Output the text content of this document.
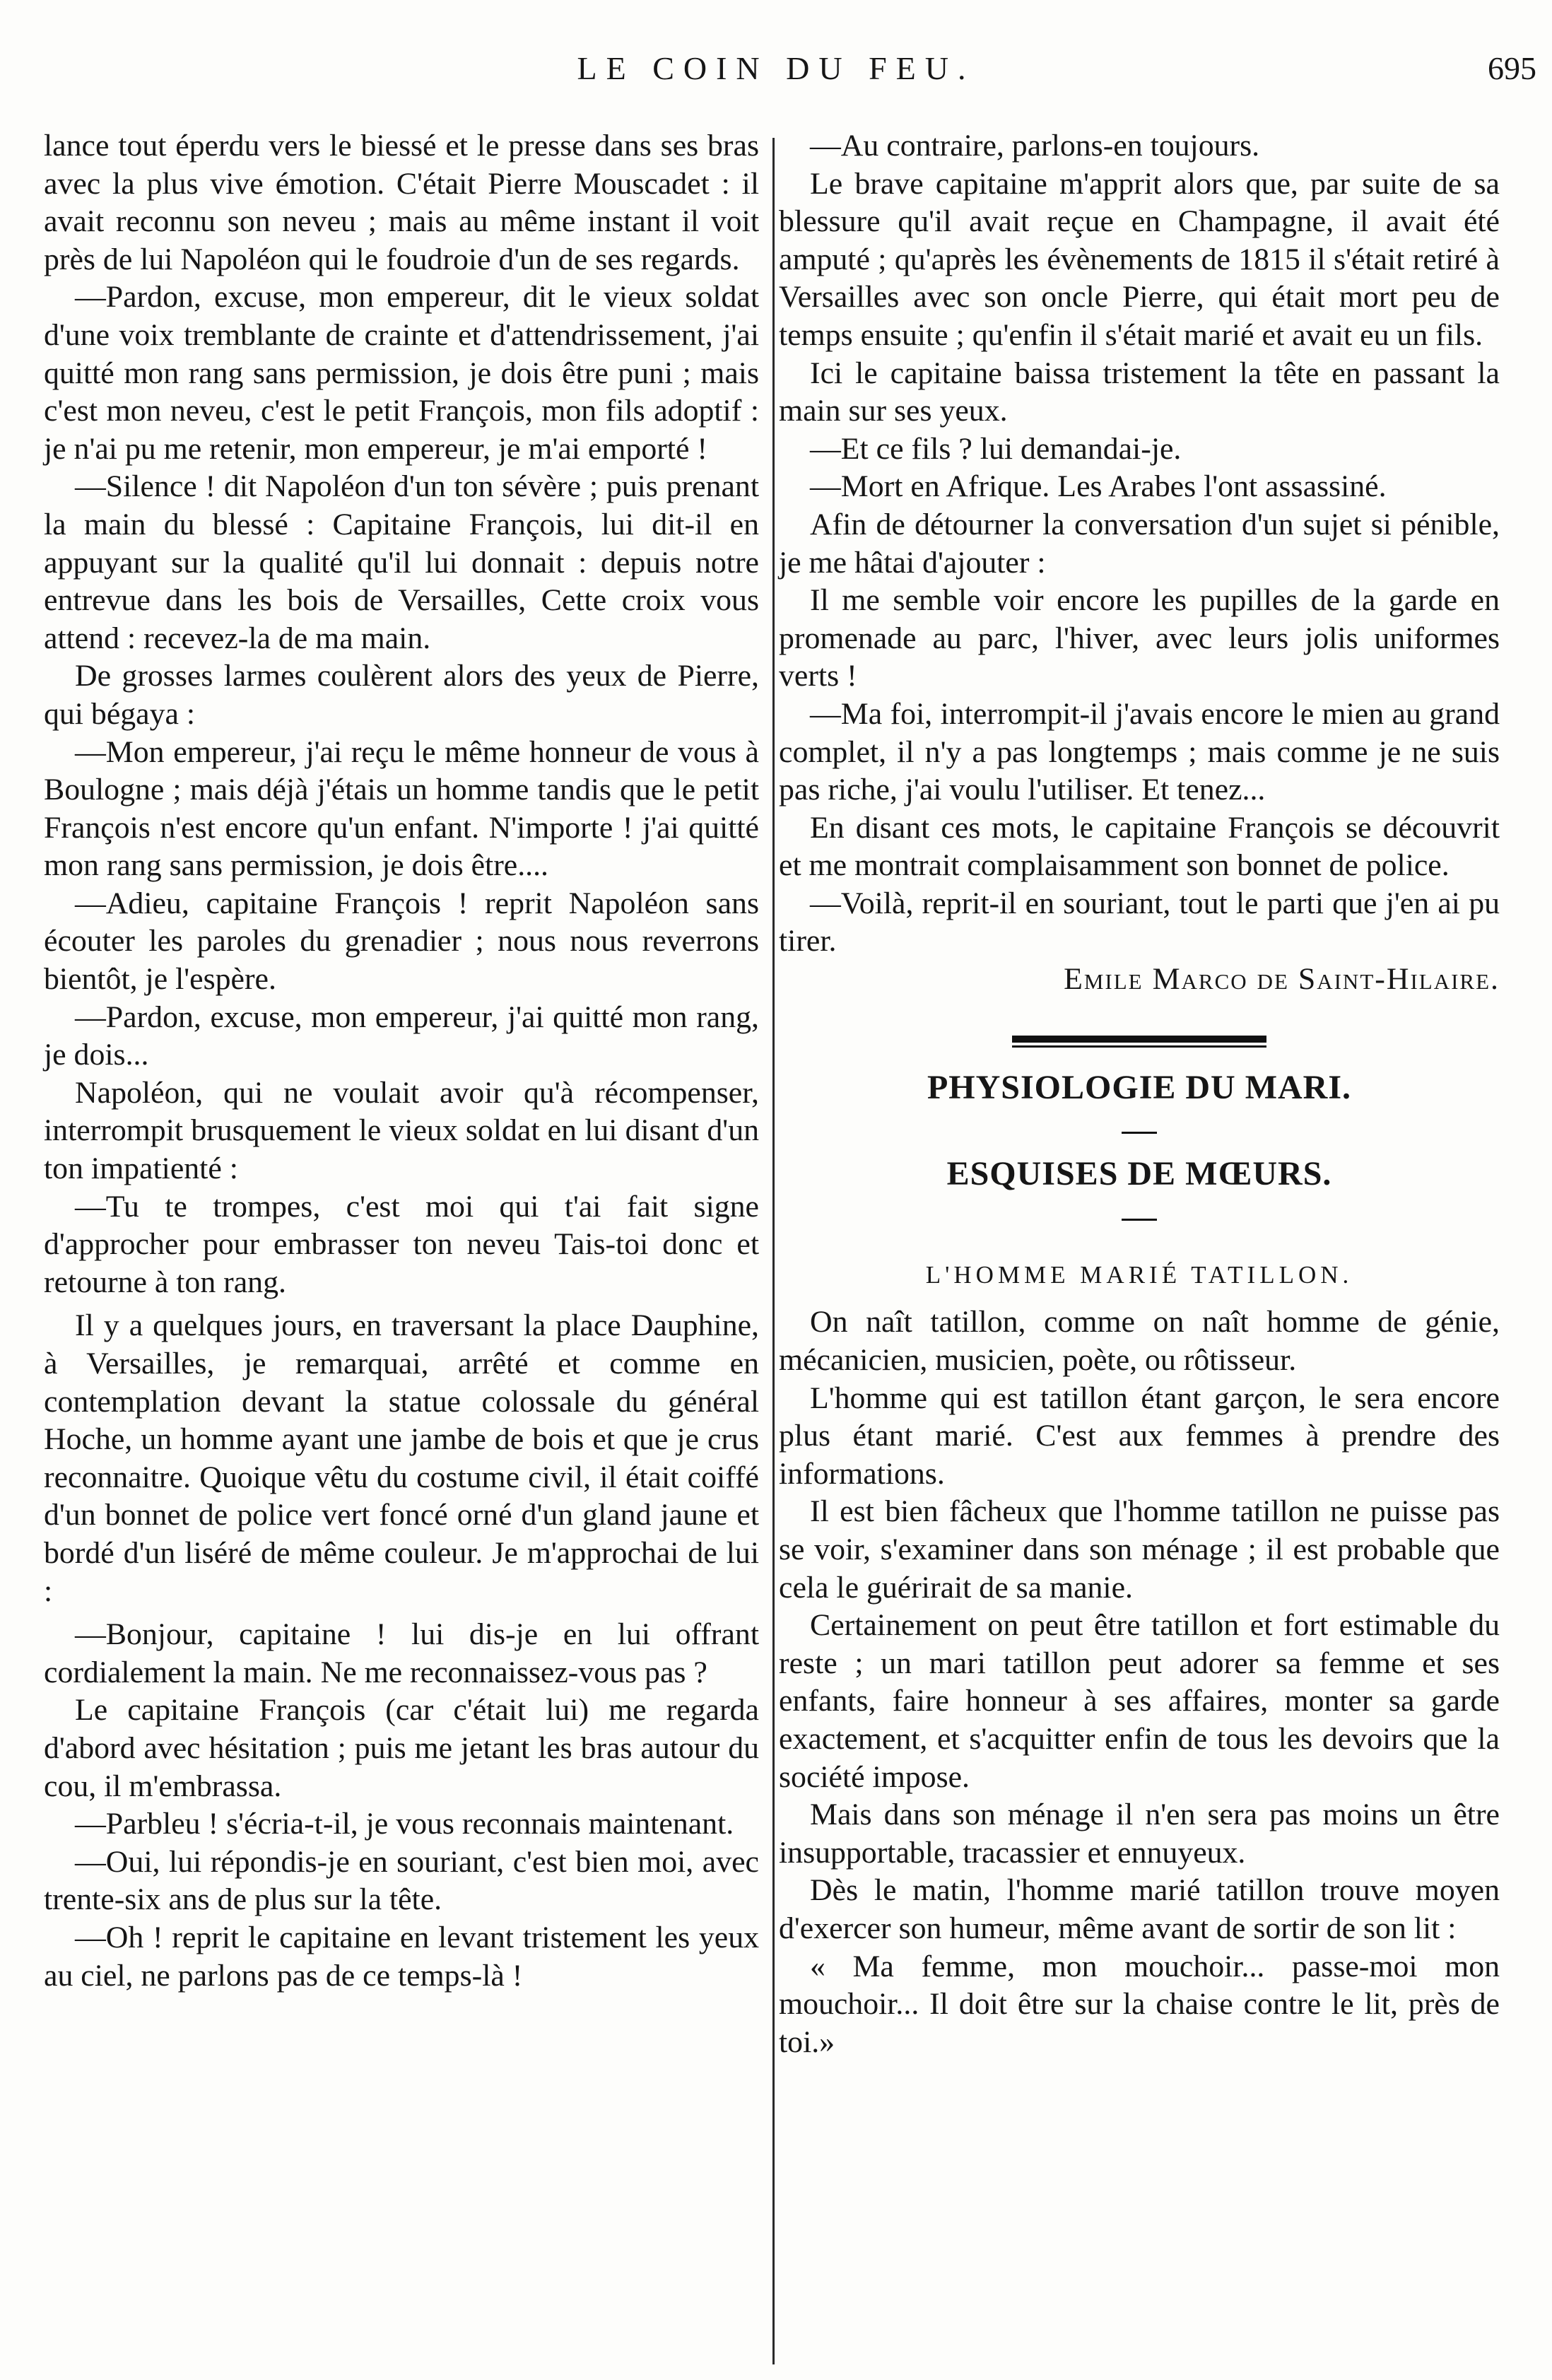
LE COIN DU FEU.	695

lance tout éperdu vers le biessé et le presse dans ses bras avec la plus vive émotion. C'était Pierre Mouscadet : il avait reconnu son neveu ; mais au même instant il voit près de lui Napoléon qui le foudroie d'un de ses regards.

—Pardon, excuse, mon empereur, dit le vieux soldat d'une voix tremblante de crainte et d'attendrissement, j'ai quitté mon rang sans permission, je dois être puni ; mais c'est mon neveu, c'est le petit François, mon fils adoptif : je n'ai pu me retenir, mon empereur, je m'ai emporté !

—Silence ! dit Napoléon d'un ton sévère ; puis prenant la main du blessé : Capitaine François, lui dit-il en appuyant sur la qualité qu'il lui donnait : depuis notre entrevue dans les bois de Versailles, Cette croix vous attend : recevez-la de ma main.

De grosses larmes coulèrent alors des yeux de Pierre, qui bégaya :

—Mon empereur, j'ai reçu le même honneur de vous à Boulogne ; mais déjà j'étais un homme tandis que le petit François n'est encore qu'un enfant. N'importe ! j'ai quitté mon rang sans permission, je dois être....

—Adieu, capitaine François ! reprit Napoléon sans écouter les paroles du grenadier ; nous nous reverrons bientôt, je l'espère.

—Pardon, excuse, mon empereur, j'ai quitté mon rang, je dois...

Napoléon, qui ne voulait avoir qu'à récompenser, interrompit brusquement le vieux soldat en lui disant d'un ton impatienté :

—Tu te trompes, c'est moi qui t'ai fait signe d'approcher pour embrasser ton neveu Tais-toi donc et retourne à ton rang.

Il y a quelques jours, en traversant la place Dauphine, à Versailles, je remarquai, arrêté et comme en contemplation devant la statue colossale du général Hoche, un homme ayant une jambe de bois et que je crus reconnaitre. Quoique vêtu du costume civil, il était coiffé d'un bonnet de police vert foncé orné d'un gland jaune et bordé d'un liséré de même couleur. Je m'approchai de lui :

—Bonjour, capitaine ! lui dis-je en lui offrant cordialement la main. Ne me reconnaissez-vous pas ?

Le capitaine François (car c'était lui) me regarda d'abord avec hésitation ; puis me jetant les bras autour du cou, il m'embrassa.

—Parbleu ! s'écria-t-il, je vous reconnais maintenant.

—Oui, lui répondis-je en souriant, c'est bien moi, avec trente-six ans de plus sur la tête.

—Oh ! reprit le capitaine en levant tristement les yeux au ciel, ne parlons pas de ce temps-là !

—Au contraire, parlons-en toujours.

Le brave capitaine m'apprit alors que, par suite de sa blessure qu'il avait reçue en Champagne, il avait été amputé ; qu'après les évènements de 1815 il s'était retiré à Versailles avec son oncle Pierre, qui était mort peu de temps ensuite ; qu'enfin il s'était marié et avait eu un fils.

Ici le capitaine baissa tristement la tête en passant la main sur ses yeux.

—Et ce fils ? lui demandai-je.

—Mort en Afrique. Les Arabes l'ont assassiné.

Afin de détourner la conversation d'un sujet si pénible, je me hâtai d'ajouter :

Il me semble voir encore les pupilles de la garde en promenade au parc, l'hiver, avec leurs jolis uniformes verts !

—Ma foi, interrompit-il j'avais encore le mien au grand complet, il n'y a pas longtemps ; mais comme je ne suis pas riche, j'ai voulu l'utiliser. Et tenez...

En disant ces mots, le capitaine François se découvrit et me montrait complaisamment son bonnet de police.

—Voilà, reprit-il en souriant, tout le parti que j'en ai pu tirer.

Emile Marco de Saint-Hilaire.

PHYSIOLOGIE DU MARI.
ESQUISES DE MŒURS.
L'HOMME MARIÉ TATILLON.

On naît tatillon, comme on naît homme de génie, mécanicien, musicien, poète, ou rôtisseur.

L'homme qui est tatillon étant garçon, le sera encore plus étant marié. C'est aux femmes à prendre des informations.

Il est bien fâcheux que l'homme tatillon ne puisse pas se voir, s'examiner dans son ménage ; il est probable que cela le guérirait de sa manie.

Certainement on peut être tatillon et fort estimable du reste ; un mari tatillon peut adorer sa femme et ses enfants, faire honneur à ses affaires, monter sa garde exactement, et s'acquitter enfin de tous les devoirs que la société impose.

Mais dans son ménage il n'en sera pas moins un être insupportable, tracassier et ennuyeux.

Dès le matin, l'homme marié tatillon trouve moyen d'exercer son humeur, même avant de sortir de son lit :

« Ma femme, mon mouchoir... passe-moi mon mouchoir... Il doit être sur la chaise contre le lit, près de toi.»
